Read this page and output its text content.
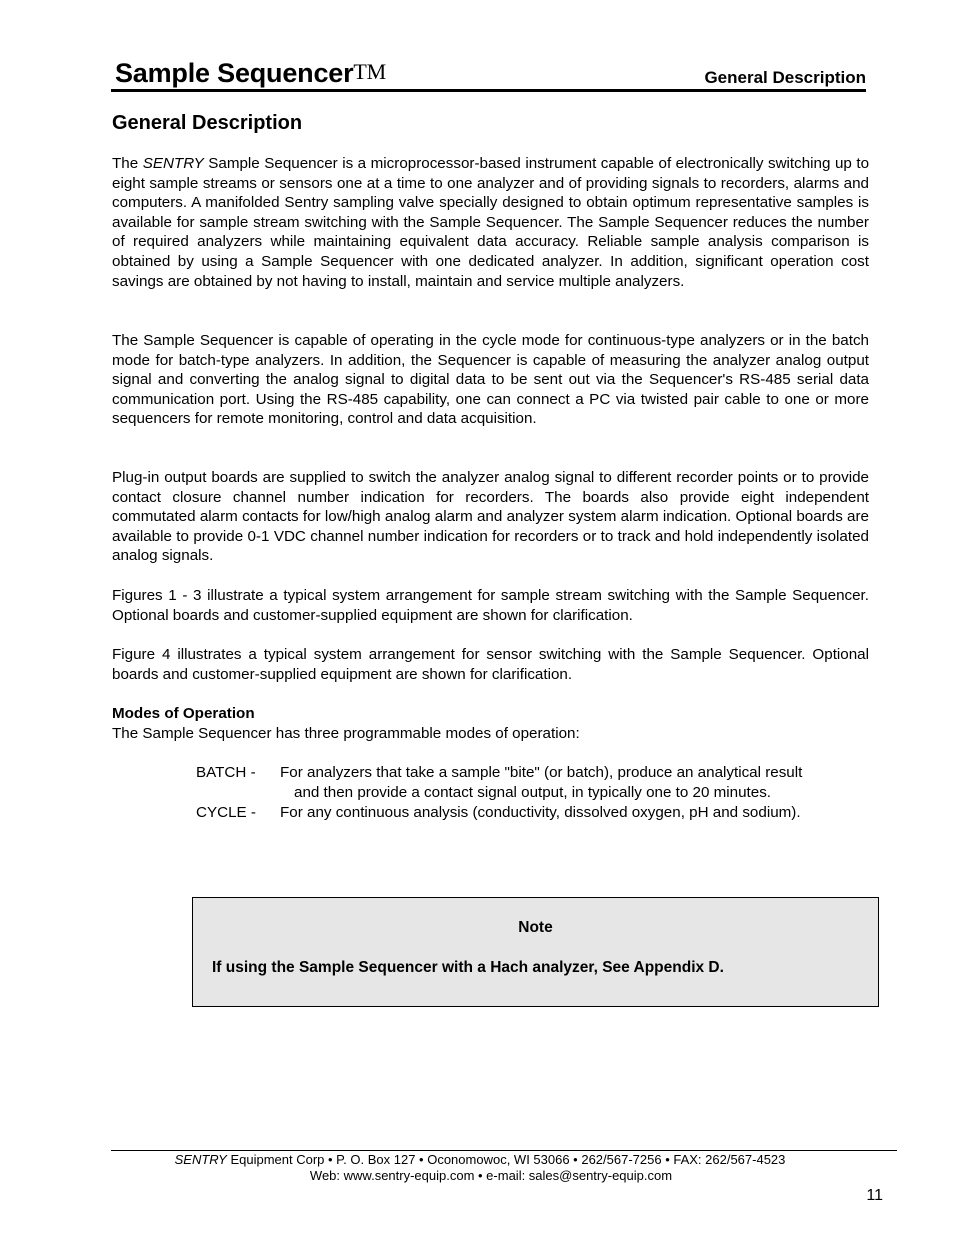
Sample SequencerTM	General Description
General Description

The SENTRY Sample Sequencer is a microprocessor-based instrument capable of electronically switching up to eight sample streams or sensors one at a time to one analyzer and of providing signals to recorders, alarms and computers. A manifolded Sentry sampling valve specially designed to obtain optimum representative samples is available for sample stream switching with the Sample Sequencer. The Sample Sequencer reduces the number of required analyzers while maintaining equivalent data accuracy. Reliable sample analysis comparison is obtained by using a Sample Sequencer with one dedicated analyzer. In addition, significant operation cost savings are obtained by not having to install, maintain and service multiple analyzers.

The Sample Sequencer is capable of operating in the cycle mode for continuous-type analyzers or in the batch mode for batch-type analyzers. In addition, the Sequencer is capable of measuring the analyzer analog output signal and converting the analog signal to digital data to be sent out via the Sequencer's RS-485 serial data communication port. Using the RS-485 capability, one can connect a PC via twisted pair cable to one or more sequencers for remote monitoring, control and data acquisition.

Plug-in output boards are supplied to switch the analyzer analog signal to different recorder points or to provide contact closure channel number indication for recorders. The boards also provide eight independent commutated alarm contacts for low/high analog alarm and analyzer system alarm indication. Optional boards are available to provide 0-1 VDC channel number indication for recorders or to track and hold independently isolated analog signals.

Figures 1 - 3 illustrate a typical system arrangement for sample stream switching with the Sample Sequencer. Optional boards and customer-supplied equipment are shown for clarification.

Figure 4 illustrates a typical system arrangement for sensor switching with the Sample Sequencer. Optional boards and customer-supplied equipment are shown for clarification.

Modes of Operation
The Sample Sequencer has three programmable modes of operation:
BATCH -	For analyzers that take a sample "bite" (or batch), produce an analytical result
and then provide a contact signal output, in typically one to 20 minutes.
CYCLE -	For any continuous analysis (conductivity, dissolved oxygen, pH and sodium).
Note
If using the Sample Sequencer with a Hach analyzer, See Appendix D.
SENTRY Equipment Corp • P. O. Box 127 • Oconomowoc, WI 53066 • 262/567-7256 • FAX: 262/567-4523
Web: www.sentry-equip.com • e-mail: sales@sentry-equip.com
11
